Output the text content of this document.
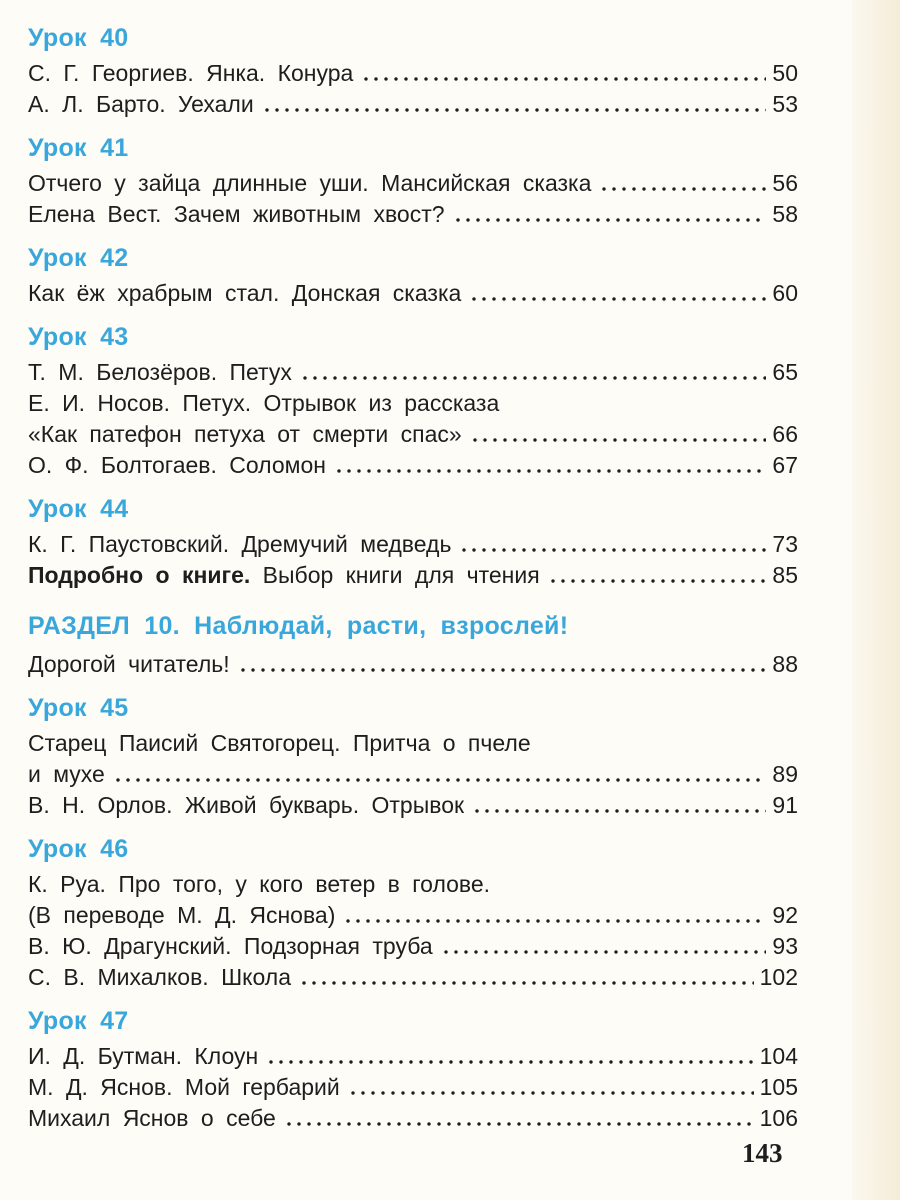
Урок 40
С. Г. Георгиев. Янка. Конура	50
А. Л. Барто. Уехали	53
Урок 41
Отчего у зайца длинные уши. Мансийская сказка	56
Елена Вест. Зачем животным хвост?	58
Урок 42
Как ёж храбрым стал. Донская сказка	60
Урок 43
Т. М. Белозёров. Петух	65
Е. И. Носов. Петух. Отрывок из рассказа
«Как патефон петуха от смерти спас»	66
О. Ф. Болтогаев. Соломон	67
Урок 44
К. Г. Паустовский. Дремучий медведь	73
Подробно о книге. Выбор книги для чтения	85
РАЗДЕЛ 10. Наблюдай, расти, взрослей!
Дорогой читатель!	88
Урок 45
Старец Паисий Святогорец. Притча о пчеле
и мухе	89
В. Н. Орлов. Живой букварь. Отрывок	91
Урок 46
К. Руа. Про того, у кого ветер в голове.
(В переводе М. Д. Яснова)	92
В. Ю. Драгунский. Подзорная труба	93
С. В. Михалков. Школа	102
Урок 47
И. Д. Бутман. Клоун	104
М. Д. Яснов. Мой гербарий	105
Михаил Яснов о себе	106
143
